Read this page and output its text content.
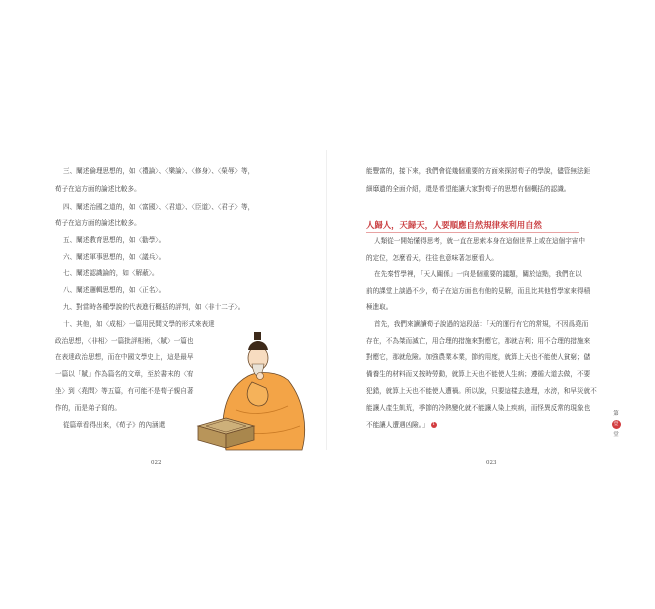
三、闡述倫理思想的，如〈禮論〉、〈樂論〉、〈修身〉、〈榮辱〉等，
荀子在這方面的論述比較多。
四、闡述治國之道的，如〈富國〉、〈君道〉、〈臣道〉、〈君子〉等，
荀子在這方面的論述比較多。
五、闡述教育思想的，如〈勸學〉。
六、闡述軍事思想的，如〈議兵〉。
七、闡述認識論的，如〈解蔽〉。
八、闡述邏輯思想的，如〈正名〉。
九、對當時各種學說的代表進行概括的評判，如〈非十二子〉。
十、其他，如〈成相〉一篇用民間文學的形式來表達
政治思想，〈非相〉一篇批評相術，〈賦〉一篇也
在表達政治思想，而在中國文學史上，這是最早
一篇以「賦」作為篇名的文章，至於書末的〈宥
坐〉到〈堯問〉等五篇，有可能不是荀子親自著
作的，而是弟子寫的。
從篇章看得出來，《荀子》的內涵還
022
能豐富的，接下來，我們會從幾個重要的方面來探討荀子的學說，儘管無法鉅
細靡遺的全面介紹，還是希望能讓大家對荀子的思想有個概括的認識。
人歸人，天歸天，人要順應自然規律來利用自然
人類從一開始懂得思考，就一直在思索本身在這個世界上或在這個宇宙中
的定位，怎麼看天，往往也意味著怎麼看人。
在先秦哲學裡，「天人關係」一向是個重要的議題，關於這點，我們在以
前的課堂上談過不少，荀子在這方面也有他的見解，而且比其他哲學家來得積
極進取。
首先，我們來讀讀荀子說過的這段話：「天的運行有它的常規，不因爲堯而
存在，不為桀而滅亡，用合理的措施來對應它，那就吉利；用不合理的措施來
對應它，那就危險。加強農業本業，節約用度，就算上天也不能使人貧窮；儲
備養生的材料而又按時勞動，就算上天也不能使人生病；遵循大道去做，不要
犯錯，就算上天也不能使人遭禍。所以說，只要這樣去進理，水滂，和早災就不
能讓人產生飢荒，季節的冷熱變化就不能讓人染上疾病，而怪異反常的現象也
不能讓人遭遇凶險。」 1
023
第
壹
堂
